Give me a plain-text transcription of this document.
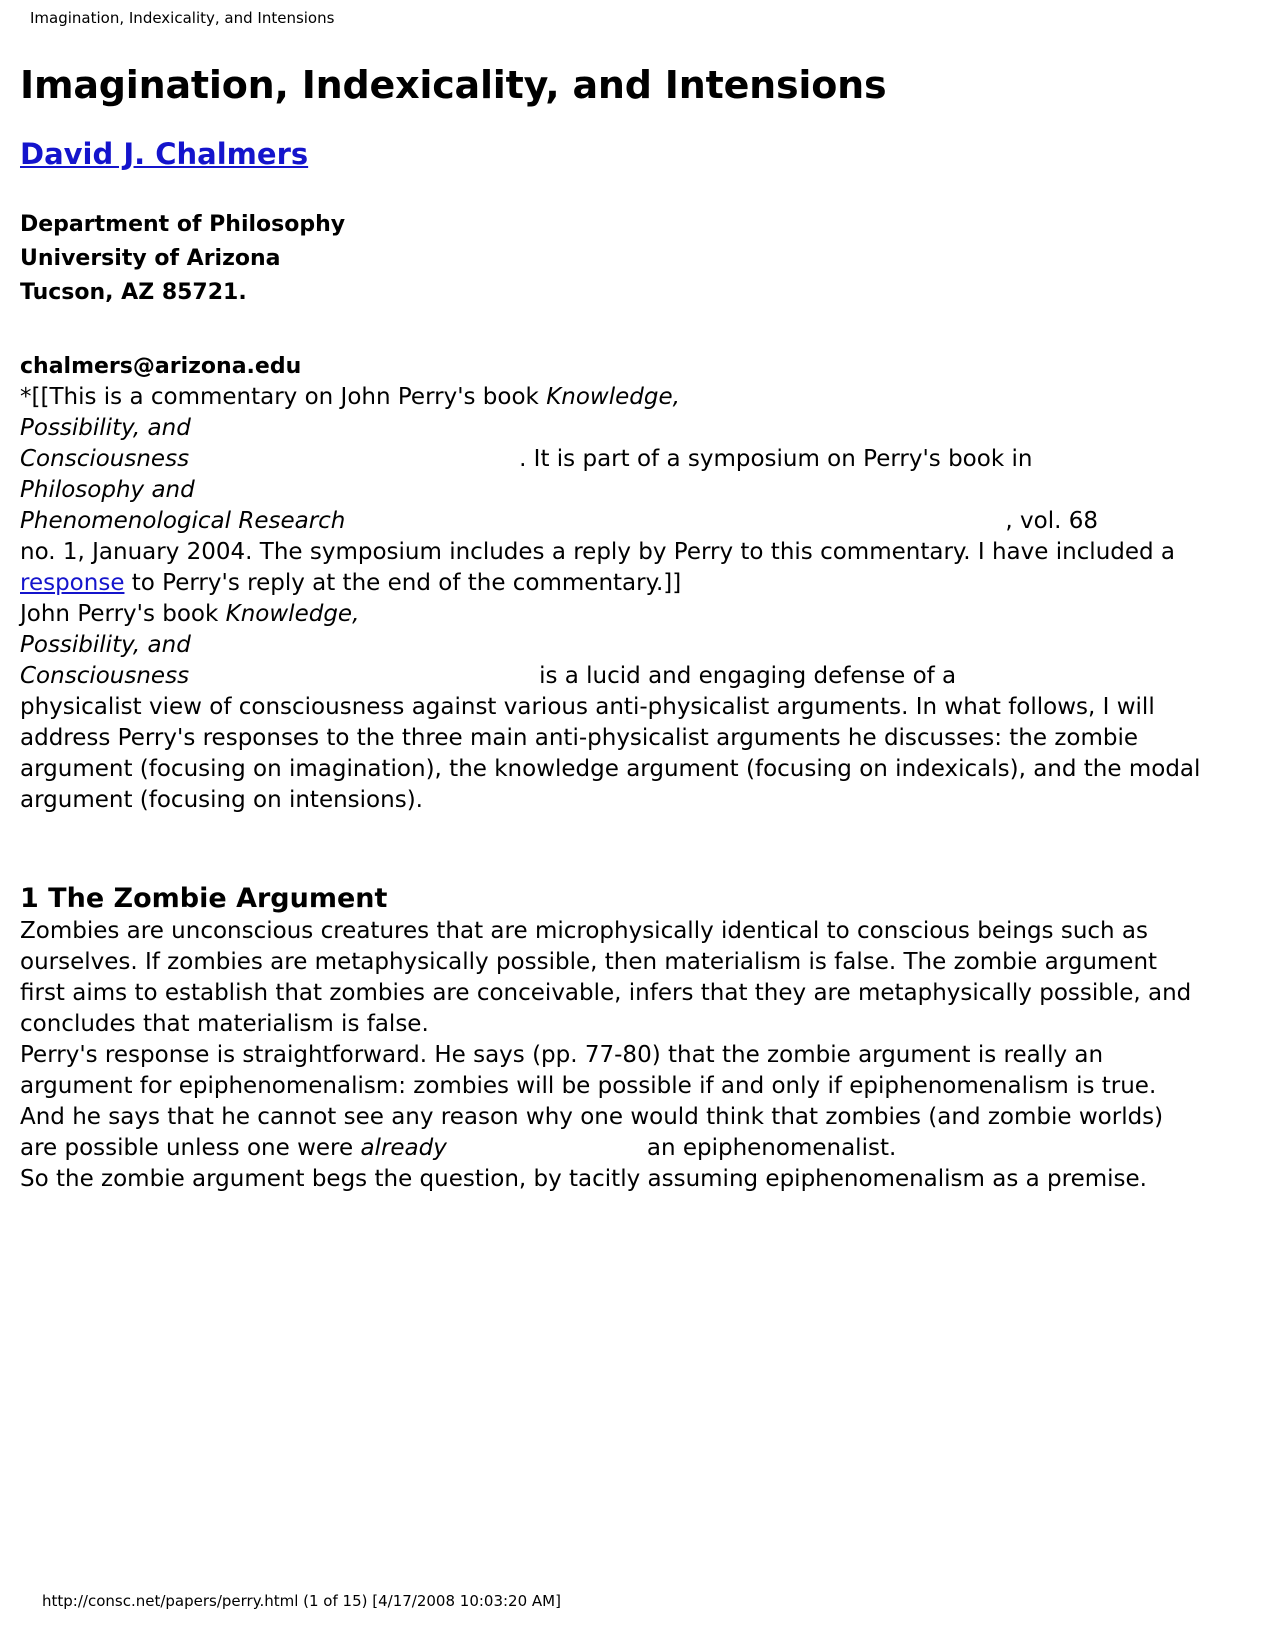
Imagination, Indexicality, and Intensions
Imagination, Indexicality, and Intensions
David J. Chalmers
Department of Philosophy
University of Arizona
Tucson, AZ 85721.
chalmers@arizona.edu

*[[This is a commentary on John Perry's book Knowledge,
Possibility, and
Consciousness	. It is part of a symposium on Perry's book in
Philosophy and
Phenomenological Research	, vol. 68
no. 1, January 2004. The symposium includes a reply by Perry to this commentary. I have included a
response to Perry's reply at the end of the commentary.]]

John Perry's book Knowledge,
Possibility, and
Consciousness	is a lucid and engaging defense of a
physicalist view of consciousness against various anti-physicalist arguments. In what follows, I will address Perry's responses to the three main anti-physicalist arguments he discusses: the zombie argument (focusing on imagination), the knowledge argument (focusing on indexicals), and the modal argument (focusing on intensions).

1 The Zombie Argument

Zombies are unconscious creatures that are microphysically identical to conscious beings such as ourselves. If zombies are metaphysically possible, then materialism is false. The zombie argument first aims to establish that zombies are conceivable, infers that they are metaphysically possible, and concludes that materialism is false.

Perry's response is straightforward. He says (pp. 77-80) that the zombie argument is really an argument for epiphenomenalism: zombies will be possible if and only if epiphenomenalism is true. And he says that he cannot see any reason why one would think that zombies (and zombie worlds) are possible unless one were already	an epiphenomenalist.
So the zombie argument begs the question, by tacitly assuming epiphenomenalism as a premise.

http://consc.net/papers/perry.html (1 of 15) [4/17/2008 10:03:20 AM]
